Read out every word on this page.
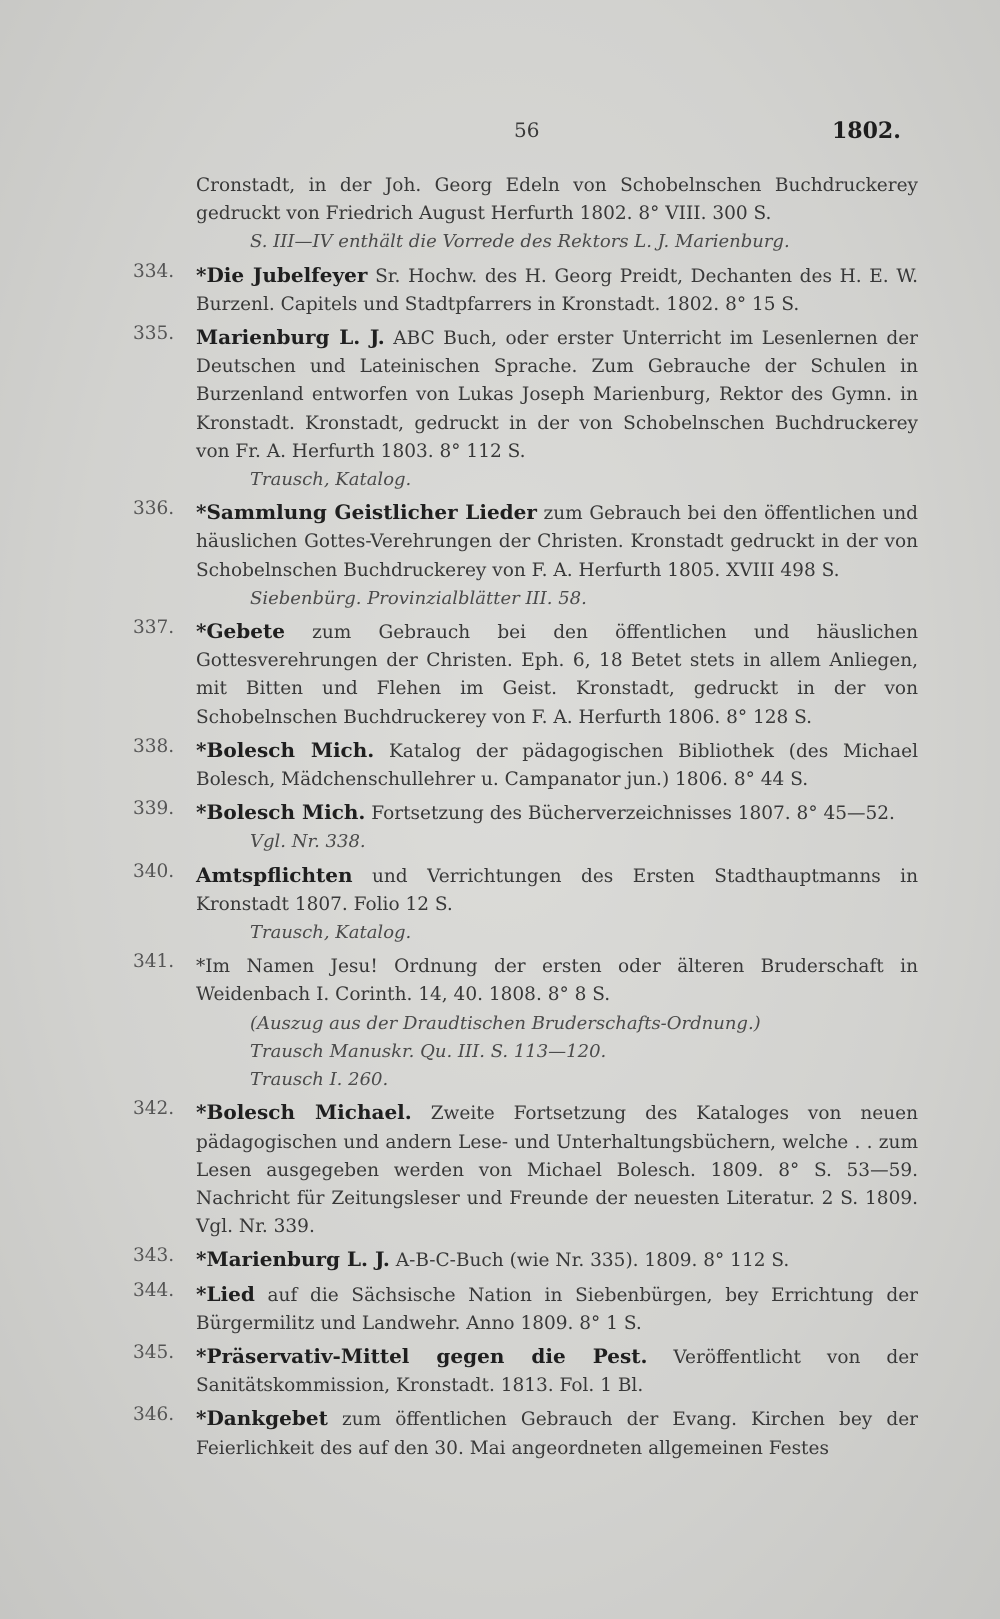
56	1802.
Cronstadt, in der Joh. Georg Edeln von Schobelnschen Buchdruckerey gedruckt von Friedrich August Herfurth 1802. 8° VIII. 300 S.
S. III—IV enthält die Vorrede des Rektors L. J. Marienburg.
334.	*Die Jubelfeyer Sr. Hochw. des H. Georg Preidt, Dechanten des H. E. W. Burzenl. Capitels und Stadtpfarrers in Kronstadt. 1802. 8° 15 S.
335.	Marienburg L. J. ABC Buch, oder erster Unterricht im Lesenlernen der Deutschen und Lateinischen Sprache. Zum Gebrauche der Schulen in Burzenland entworfen von Lukas Joseph Marienburg, Rektor des Gymn. in Kronstadt. Kronstadt, gedruckt in der von Schobelnschen Buchdruckerey von Fr. A. Herfurth 1803. 8° 112 S.
Trausch, Katalog.
336.	*Sammlung Geistlicher Lieder zum Gebrauch bei den öffentlichen und häuslichen Gottes-Verehrungen der Christen. Kronstadt gedruckt in der von Schobelnschen Buchdruckerey von F. A. Herfurth 1805. XVIII 498 S.
Siebenbürg. Provinzialblätter III. 58.
337.	*Gebete zum Gebrauch bei den öffentlichen und häuslichen Gottesverehrungen der Christen. Eph. 6, 18 Betet stets in allem Anliegen, mit Bitten und Flehen im Geist. Kronstadt, gedruckt in der von Schobelnschen Buchdruckerey von F. A. Herfurth 1806. 8° 128 S.
338.	*Bolesch Mich. Katalog der pädagogischen Bibliothek (des Michael Bolesch, Mädchenschullehrer u. Campanator jun.) 1806. 8° 44 S.
339.	*Bolesch Mich. Fortsetzung des Bücherverzeichnisses 1807. 8° 45—52.
Vgl. Nr. 338.
340.	Amtspflichten und Verrichtungen des Ersten Stadthauptmanns in Kronstadt 1807. Folio 12 S.
Trausch, Katalog.
341.	*Im Namen Jesu! Ordnung der ersten oder älteren Bruderschaft in Weidenbach I. Corinth. 14, 40. 1808. 8° 8 S.
(Auszug aus der Draudtischen Bruderschafts-Ordnung.)
Trausch Manuskr. Qu. III. S. 113—120.
Trausch I. 260.
342.	*Bolesch Michael. Zweite Fortsetzung des Kataloges von neuen pädagogischen und andern Lese- und Unterhaltungsbüchern, welche . . zum Lesen ausgegeben werden von Michael Bolesch. 1809. 8° S. 53—59. Nachricht für Zeitungsleser und Freunde der neuesten Literatur. 2 S. 1809. Vgl. Nr. 339.
343.	*Marienburg L. J. A-B-C-Buch (wie Nr. 335). 1809. 8° 112 S.
344.	*Lied auf die Sächsische Nation in Siebenbürgen, bey Errichtung der Bürgermilitz und Landwehr. Anno 1809. 8° 1 S.
345.	*Präservativ-Mittel gegen die Pest. Veröffentlicht von der Sanitätskommission, Kronstadt. 1813. Fol. 1 Bl.
346.	*Dankgebet zum öffentlichen Gebrauch der Evang. Kirchen bey der Feierlichkeit des auf den 30. Mai angeordneten allgemeinen Festes
